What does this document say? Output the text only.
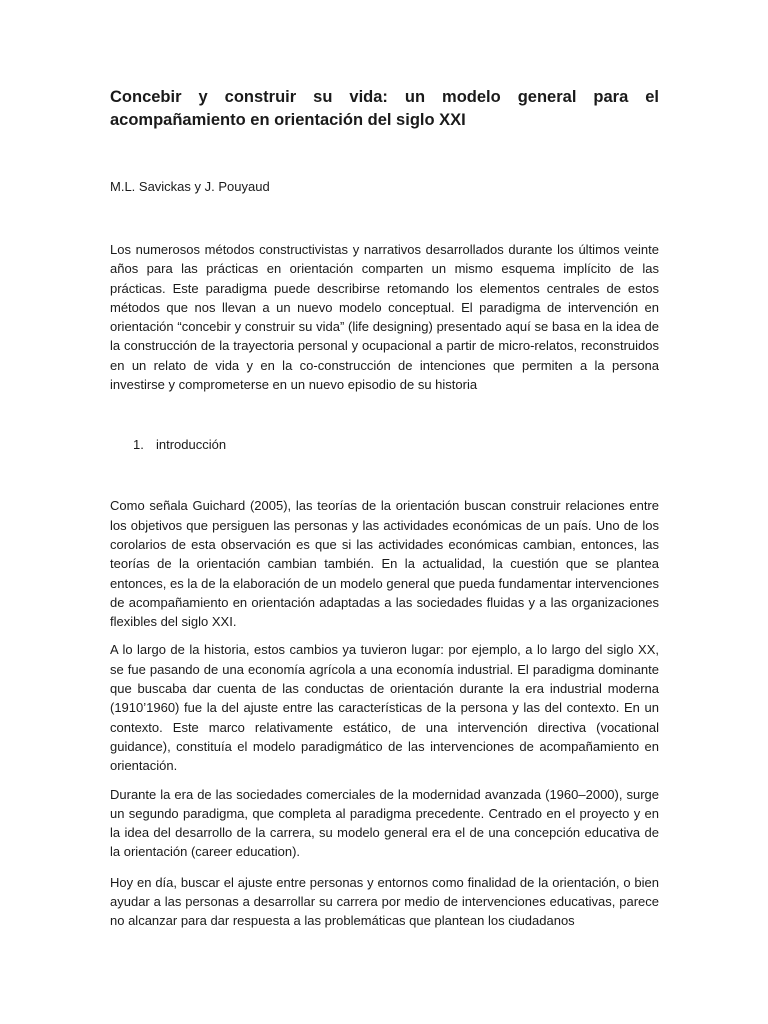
Concebir y construir su vida: un modelo general para el acompañamiento en orientación del siglo XXI

M.L. Savickas y J. Pouyaud

Los numerosos métodos constructivistas y narrativos desarrollados durante los últimos veinte años para las prácticas en orientación comparten un mismo esquema implícito de las prácticas. Este paradigma puede describirse retomando los elementos centrales de estos métodos que nos llevan a un nuevo modelo conceptual. El paradigma de intervención en orientación “concebir y construir su vida” (life designing) presentado aquí se basa en la idea de la construcción de la trayectoria personal y ocupacional a partir de micro-relatos, reconstruidos en un relato de vida y en la co-construcción de intenciones que permiten a la persona investirse y comprometerse en un nuevo episodio de su historia

1. introducción

Como señala Guichard (2005), las teorías de la orientación buscan construir relaciones entre los objetivos que persiguen las personas y las actividades económicas de un país. Uno de los corolarios de esta observación es que si las actividades económicas cambian, entonces, las teorías de la orientación cambian también. En la actualidad, la cuestión que se plantea entonces, es la de la elaboración de un modelo general que pueda fundamentar intervenciones de acompañamiento en orientación adaptadas a las sociedades fluidas y a las organizaciones flexibles del siglo XXI.

A lo largo de la historia, estos cambios ya tuvieron lugar: por ejemplo, a lo largo del siglo XX, se fue pasando de una economía agrícola a una economía industrial. El paradigma dominante que buscaba dar cuenta de las conductas de orientación durante la era industrial moderna (1910’1960) fue la del ajuste entre las características de la persona y las del contexto. En un contexto. Este marco relativamente estático, de una intervención directiva (vocational guidance), constituía el modelo paradigmático de las intervenciones de acompañamiento en orientación.

Durante la era de las sociedades comerciales de la modernidad avanzada (1960–2000), surge un segundo paradigma, que completa al paradigma precedente. Centrado en el proyecto y en la idea del desarrollo de la carrera, su modelo general era el de una concepción educativa de la orientación (career education).

Hoy en día, buscar el ajuste entre personas y entornos como finalidad de la orientación, o bien ayudar a las personas a desarrollar su carrera por medio de intervenciones educativas, parece no alcanzar para dar respuesta a las problemáticas que plantean los ciudadanos
